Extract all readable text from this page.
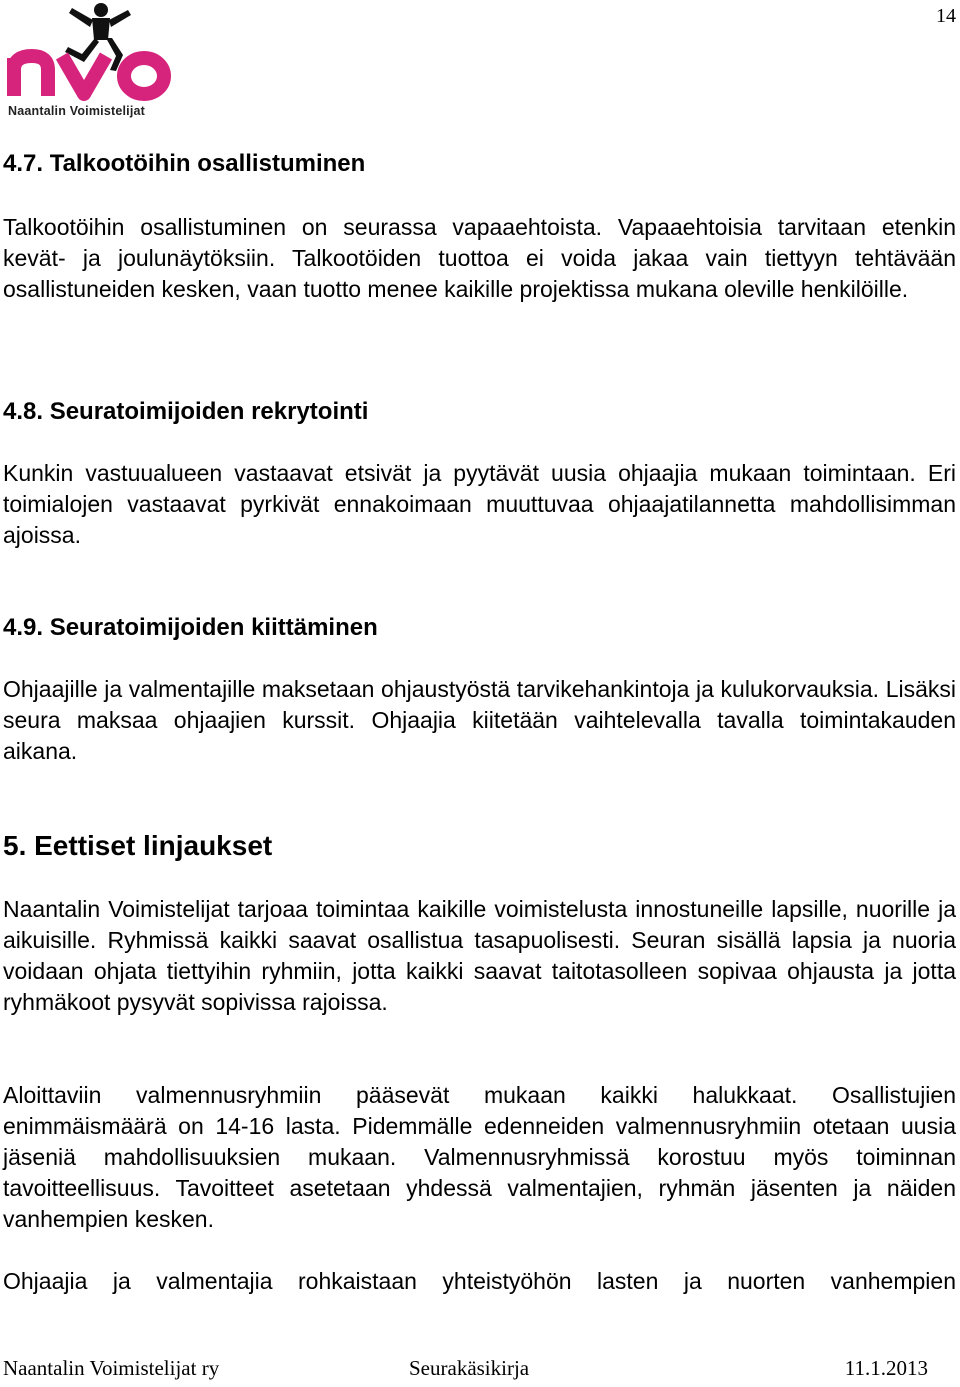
14
Naantalin Voimistelijat
4.7. Talkootöihin osallistuminen

Talkootöihin osallistuminen on seurassa vapaaehtoista. Vapaaehtoisia tarvitaan etenkin kevät- ja joulunäytöksiin. Talkootöiden tuottoa ei voida jakaa vain tiettyyn tehtävään osallistuneiden kesken, vaan tuotto menee kaikille projektissa mukana oleville henkilöille.

4.8. Seuratoimijoiden rekrytointi

Kunkin vastuualueen vastaavat etsivät ja pyytävät uusia ohjaajia mukaan toimintaan. Eri toimialojen vastaavat pyrkivät ennakoimaan muuttuvaa ohjaajatilannetta mahdollisimman ajoissa.

4.9. Seuratoimijoiden kiittäminen

Ohjaajille ja valmentajille maksetaan ohjaustyöstä tarvikehankintoja ja kulukorvauksia. Lisäksi seura maksaa ohjaajien kurssit. Ohjaajia kiitetään vaihtelevalla tavalla toimintakauden aikana.

5. Eettiset linjaukset

Naantalin Voimistelijat tarjoaa toimintaa kaikille voimistelusta innostuneille lapsille, nuorille ja aikuisille. Ryhmissä kaikki saavat osallistua tasapuolisesti. Seuran sisällä lapsia ja nuoria voidaan ohjata tiettyihin ryhmiin, jotta kaikki saavat taitotasolleen sopivaa ohjausta ja jotta ryhmäkoot pysyvät sopivissa rajoissa.

Aloittaviin valmennusryhmiin pääsevät mukaan kaikki halukkaat. Osallistujien enimmäismäärä on 14-16 lasta. Pidemmälle edenneiden valmennusryhmiin otetaan uusia jäseniä mahdollisuuksien mukaan. Valmennusryhmissä korostuu myös toiminnan tavoitteellisuus. Tavoitteet asetetaan yhdessä valmentajien, ryhmän jäsenten ja näiden vanhempien kesken.

Ohjaajia ja valmentajia rohkaistaan yhteistyöhön lasten ja nuorten vanhempien

Naantalin Voimistelijat ry	Seurakäsikirja	11.1.2013
